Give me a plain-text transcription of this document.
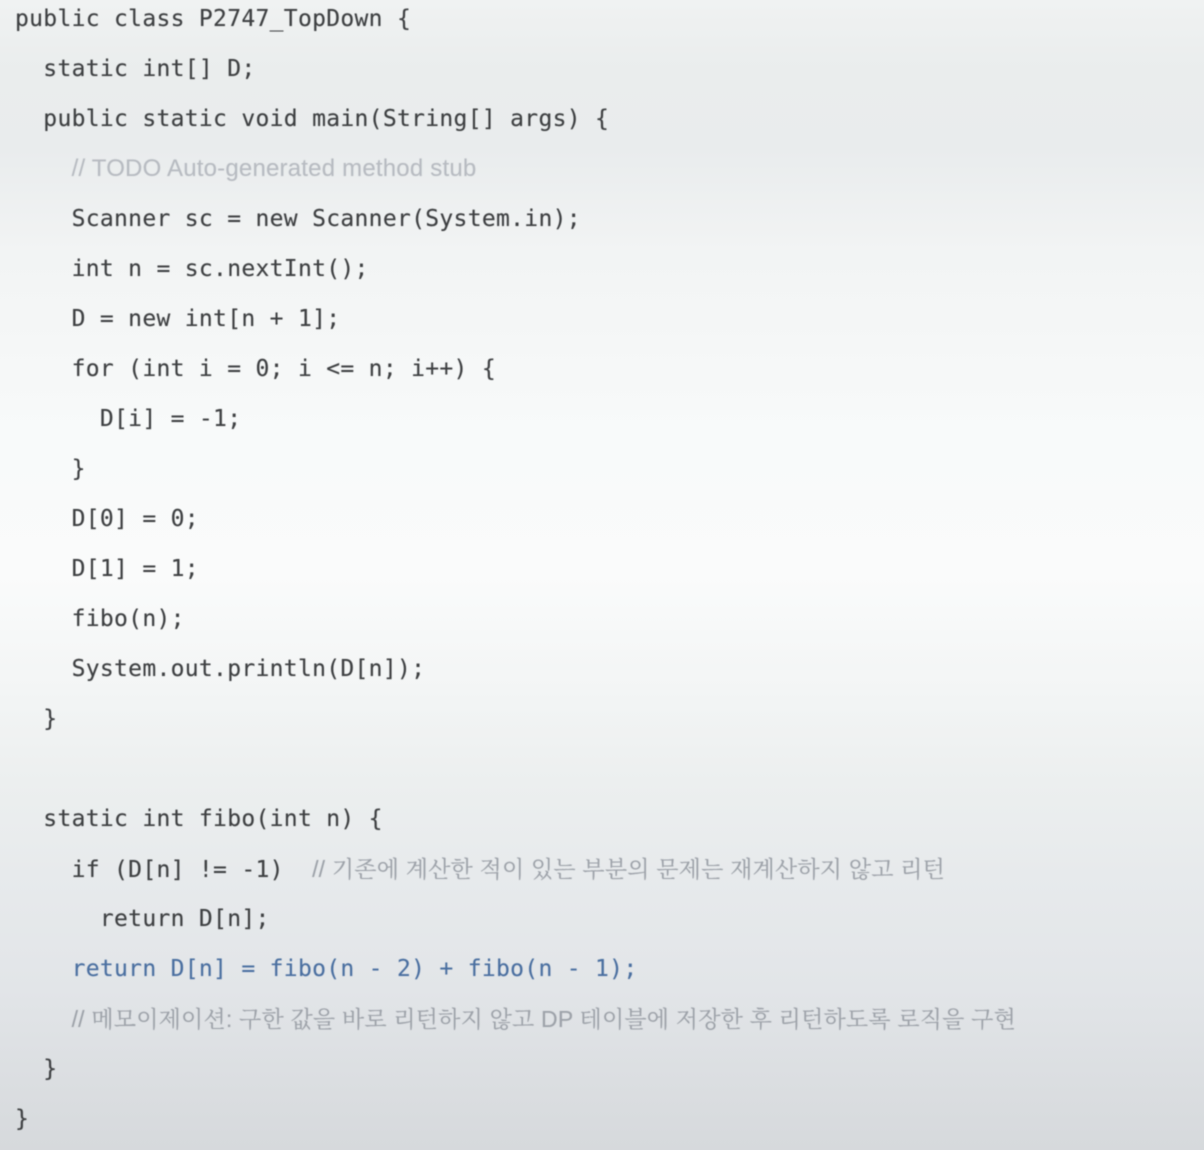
public class P2747_TopDown {
static int[] D;
public static void main(String[] args) {
// TODO Auto-generated method stub
Scanner sc = new Scanner(System.in);
int n = sc.nextInt();
D = new int[n + 1];
for (int i = 0; i <= n; i++) {
D[i] = -1;
}
D[0] = 0;
D[1] = 1;
fibo(n);
System.out.println(D[n]);
}
static int fibo(int n) {
if (D[n] != -1)  // 기존에 계산한 적이 있는 부분의 문제는 재계산하지 않고 리턴
return D[n];
return D[n] = fibo(n - 2) + fibo(n - 1);
// 메모이제이션: 구한 값을 바로 리턴하지 않고 DP 테이블에 저장한 후 리턴하도록 로직을 구현
}
}
